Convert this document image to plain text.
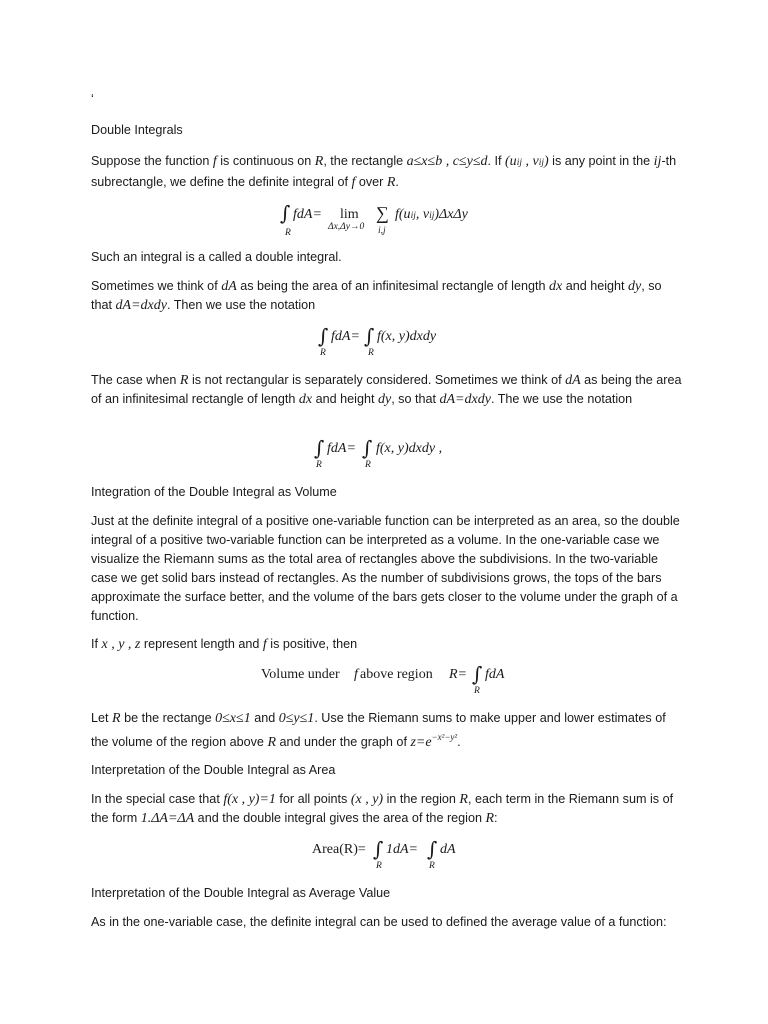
‘
Double Integrals
Suppose the function f is continuous on R, the rectangle a≤x≤b , c≤y≤d. If (uij , vij) is any point in the ij-th subrectangle, we define the definite integral of f over R.
∫
R
fdA= lim
Δx,Δy→0
∑
i,j
f(uij, vij)ΔxΔy
Such an integral is a called a double integral.
Sometimes we think of dA as being the area of an infinitesimal rectangle of length dx and height dy, so that dA=dxdy. Then we use the notation
∫
R
fdA= ∫
R
f(x, y)dxdy
The case when R is not rectangular is separately considered. Sometimes we think of dA as being the area of an infinitesimal rectangle of length dx and height dy, so that dA=dxdy. The we use the notation
∫
R
fdA= ∫
R
f(x, y)dxdy ,
Integration of the Double Integral as Volume
Just at the definite integral of a positive one-variable function can be interpreted as an area, so the double integral of a positive two-variable function can be interpreted as a volume. In the one-variable case we visualize the Riemann sums as the total area of rectangles above the subdivisions. In the two-variable case we get solid bars instead of rectangles. As the number of subdivisions grows, the tops of the bars approximate the surface better, and the volume of the bars gets closer to the volume under the graph of a function.
If x , y , z represent length and f is positive, then
Volume under f above region R= ∫
R
fdA
Let R be the rectange 0≤x≤1 and 0≤y≤1. Use the Riemann sums to make upper and lower estimates of the volume of the region above R and under the graph of $z=e^{-x^2-y^2}$.
Interpretation of the Double Integral as Area
In the special case that f(x , y)=1 for all points (x , y) in the region R, each term in the Riemann sum is of the form 1.ΔA=ΔA and the double integral gives the area of the region R:
Area(R)= ∫
R
1dA= ∫
R
dA
Interpretation of the Double Integral as Average Value
As in the one-variable case, the definite integral can be used to defined the average value of a function:
